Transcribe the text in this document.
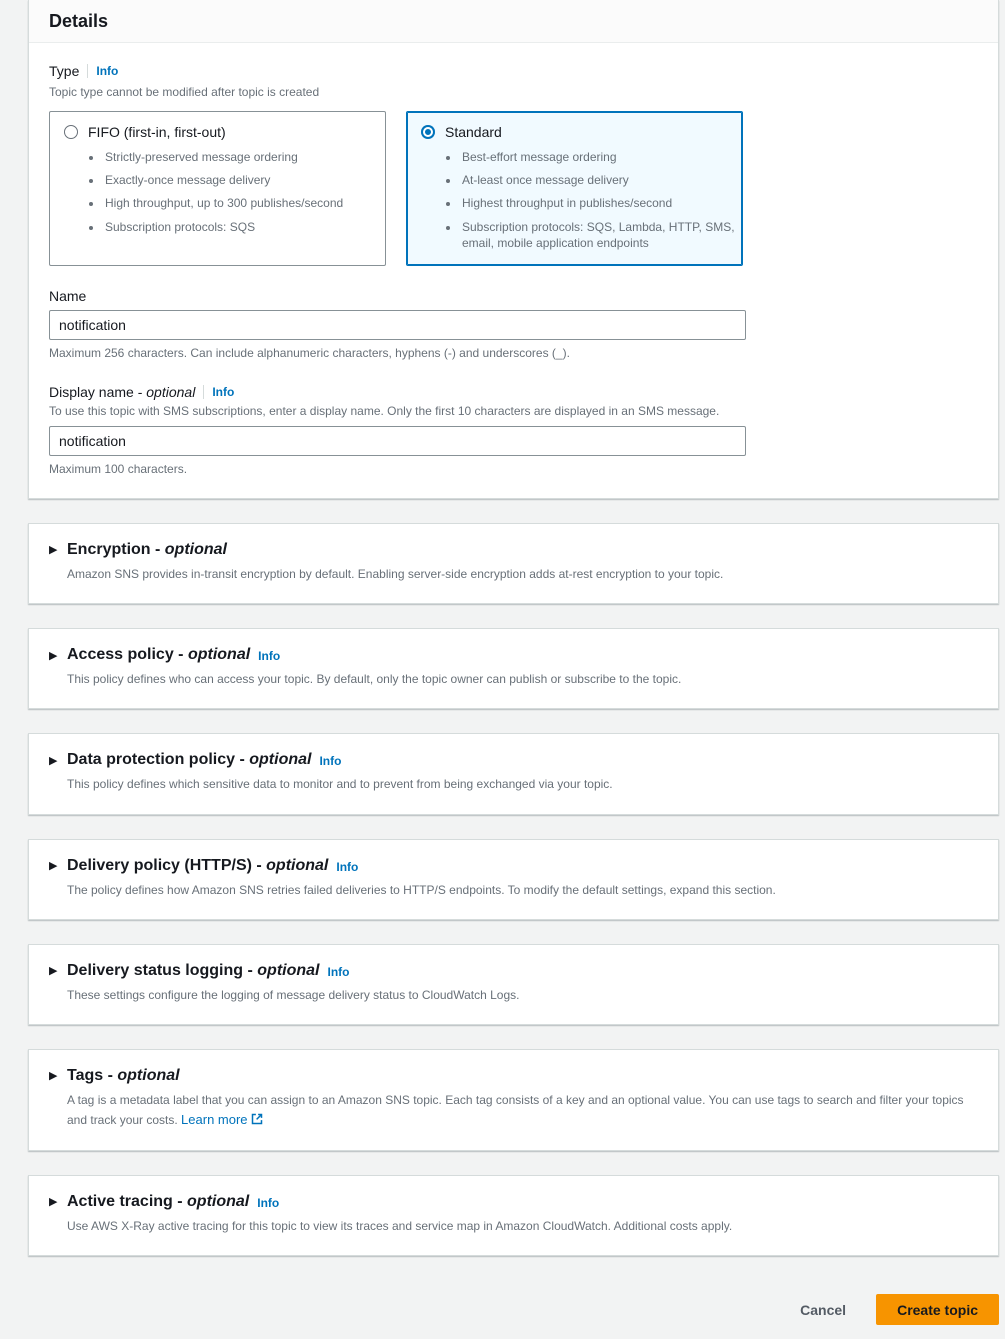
Details
Type Info
Topic type cannot be modified after topic is created
FIFO (first-in, first-out)
• Strictly-preserved message ordering
• Exactly-once message delivery
• High throughput, up to 300 publishes/second
• Subscription protocols: SQS
Standard
• Best-effort message ordering
• At-least once message delivery
• Highest throughput in publishes/second
• Subscription protocols: SQS, Lambda, HTTP, SMS, email, mobile application endpoints
Name
notification
Maximum 256 characters. Can include alphanumeric characters, hyphens (-) and underscores (_).
Display name - optional Info
To use this topic with SMS subscriptions, enter a display name. Only the first 10 characters are displayed in an SMS message.
notification
Maximum 100 characters.
▶ Encryption - optional
Amazon SNS provides in-transit encryption by default. Enabling server-side encryption adds at-rest encryption to your topic.
▶ Access policy - optional Info
This policy defines who can access your topic. By default, only the topic owner can publish or subscribe to the topic.
▶ Data protection policy - optional Info
This policy defines which sensitive data to monitor and to prevent from being exchanged via your topic.
▶ Delivery policy (HTTP/S) - optional Info
The policy defines how Amazon SNS retries failed deliveries to HTTP/S endpoints. To modify the default settings, expand this section.
▶ Delivery status logging - optional Info
These settings configure the logging of message delivery status to CloudWatch Logs.
▶ Tags - optional
A tag is a metadata label that you can assign to an Amazon SNS topic. Each tag consists of a key and an optional value. You can use tags to search and filter your topics and track your costs. Learn more
▶ Active tracing - optional Info
Use AWS X-Ray active tracing for this topic to view its traces and service map in Amazon CloudWatch. Additional costs apply.
Cancel	Create topic
